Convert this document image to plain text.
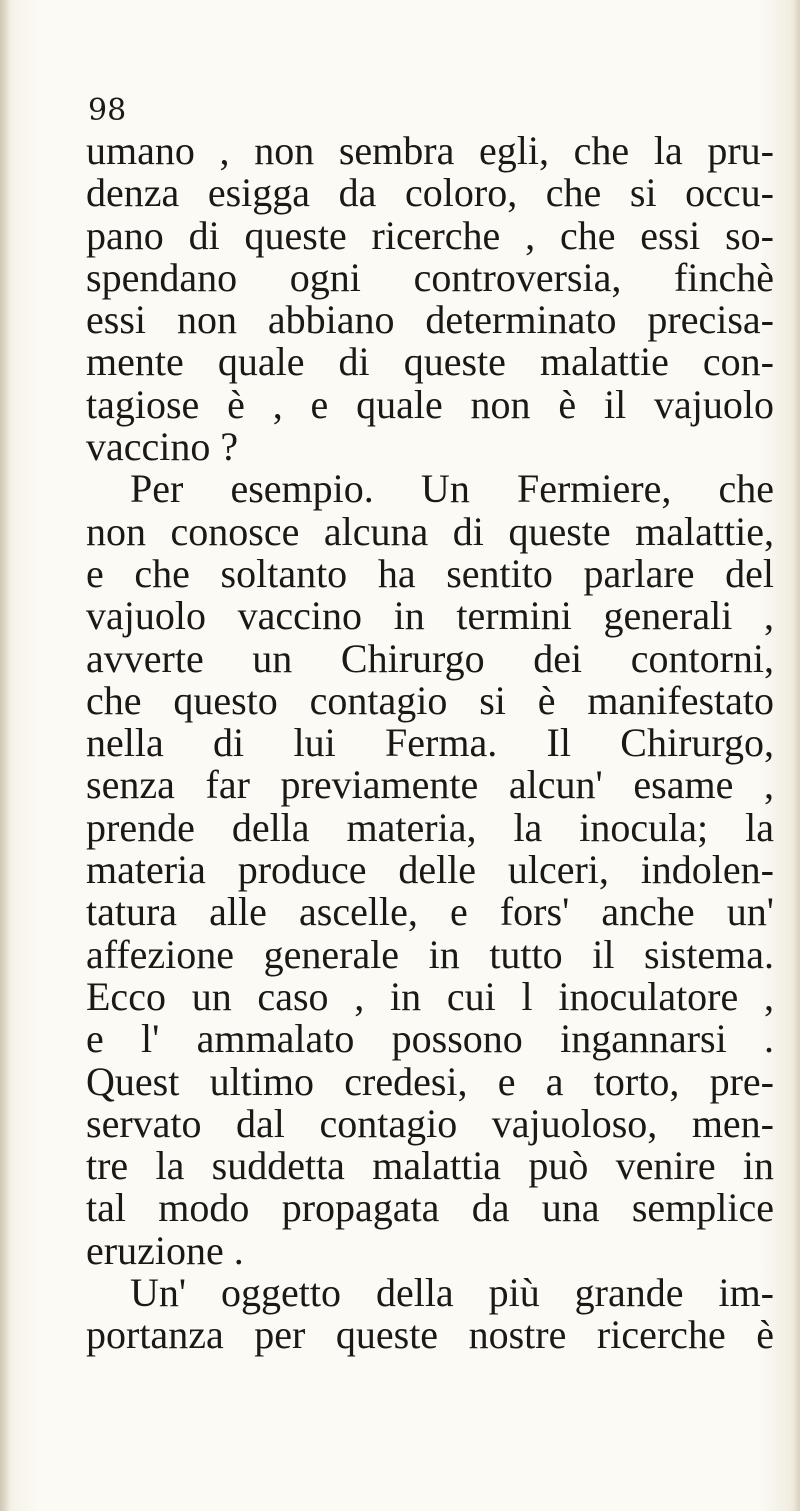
98
umano , non sembra egli, che la pru-
denza esigga da coloro, che si occu-
pano di queste ricerche , che essi so-
spendano ogni controversia, finchè
essi non abbiano determinato precisa-
mente quale di queste malattie con-
tagiose è , e quale non è il vajuolo
vaccino ?
Per esempio. Un Fermiere, che
non conosce alcuna di queste malattie,
e che soltanto ha sentito parlare del
vajuolo vaccino in termini generali ,
avverte un Chirurgo dei contorni,
che questo contagio si è manifestato
nella di lui Ferma. Il Chirurgo,
senza far previamente alcun' esame ,
prende della materia, la inocula; la
materia produce delle ulceri, indolen-
tatura alle ascelle, e fors' anche un'
affezione generale in tutto il sistema.
Ecco un caso , in cui l inoculatore ,
e l' ammalato possono ingannarsi .
Quest ultimo credesi, e a torto, pre-
servato dal contagio vajuoloso, men-
tre la suddetta malattia può venire in
tal modo propagata da una semplice
eruzione .
Un' oggetto della più grande im-
portanza per queste nostre ricerche è
